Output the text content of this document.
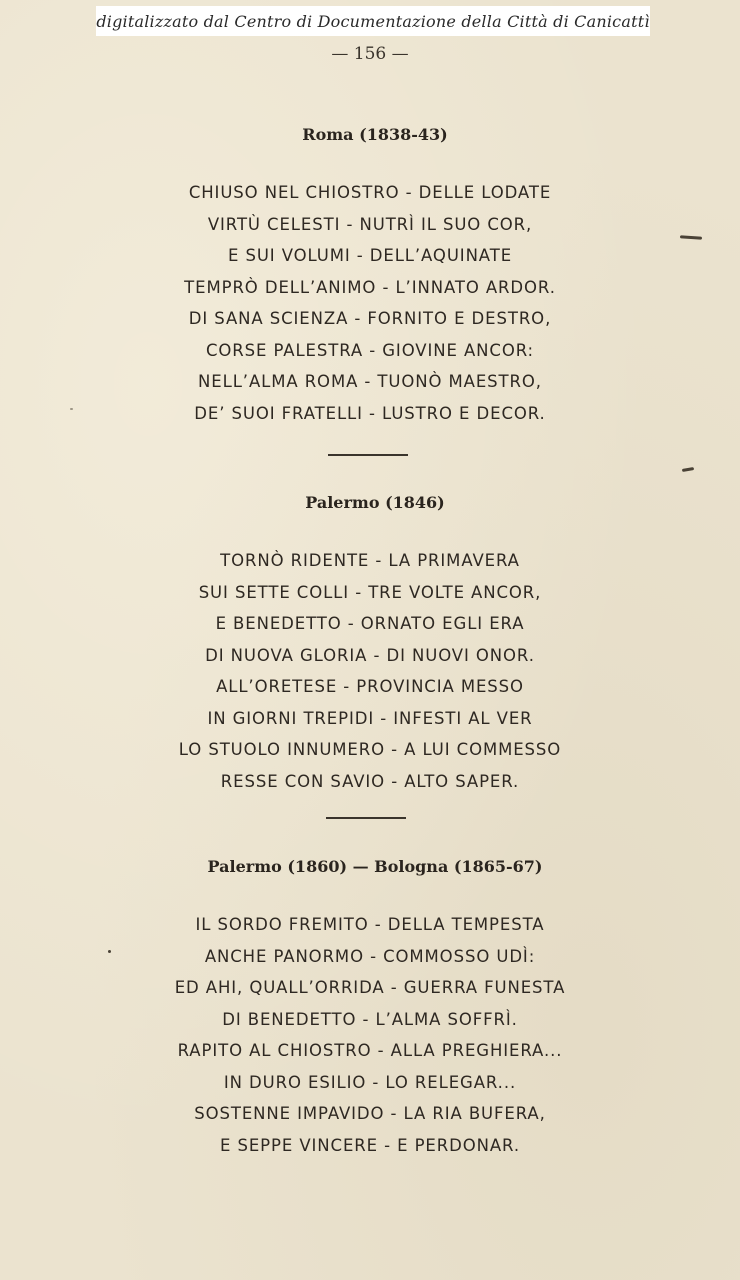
digitalizzato dal Centro di Documentazione della Città di Canicattì
— 156 —
Roma (1838-43)
CHIUSO NEL CHIOSTRO - DELLE LODATE
VIRTÙ CELESTI - NUTRÌ IL SUO COR,
E SUI VOLUMI - DELL’AQUINATE
TEMPRÒ DELL’ANIMO - L’INNATO ARDOR.
DI SANA SCIENZA - FORNITO E DESTRO,
CORSE PALESTRA - GIOVINE ANCOR:
NELL’ALMA ROMA - TUONÒ MAESTRO,
DE’ SUOI FRATELLI - LUSTRO E DECOR.
Palermo (1846)
TORNÒ RIDENTE - LA PRIMAVERA
SUI SETTE COLLI - TRE VOLTE ANCOR,
E BENEDETTO - ORNATO EGLI ERA
DI NUOVA GLORIA - DI NUOVI ONOR.
ALL’ORETESE - PROVINCIA MESSO
IN GIORNI TREPIDI - INFESTI AL VER
LO STUOLO INNUMERO - A LUI COMMESSO
RESSE CON SAVIO - ALTO SAPER.
Palermo (1860) — Bologna (1865-67)
IL SORDO FREMITO - DELLA TEMPESTA
ANCHE PANORMO - COMMOSSO UDÌ:
ED AHI, QUALL’ORRIDA - GUERRA FUNESTA
DI BENEDETTO - L’ALMA SOFFRÌ.
RAPITO AL CHIOSTRO - ALLA PREGHIERA...
IN DURO ESILIO - LO RELEGAR...
SOSTENNE IMPAVIDO - LA RIA BUFERA,
E SEPPE VINCERE - E PERDONAR.
